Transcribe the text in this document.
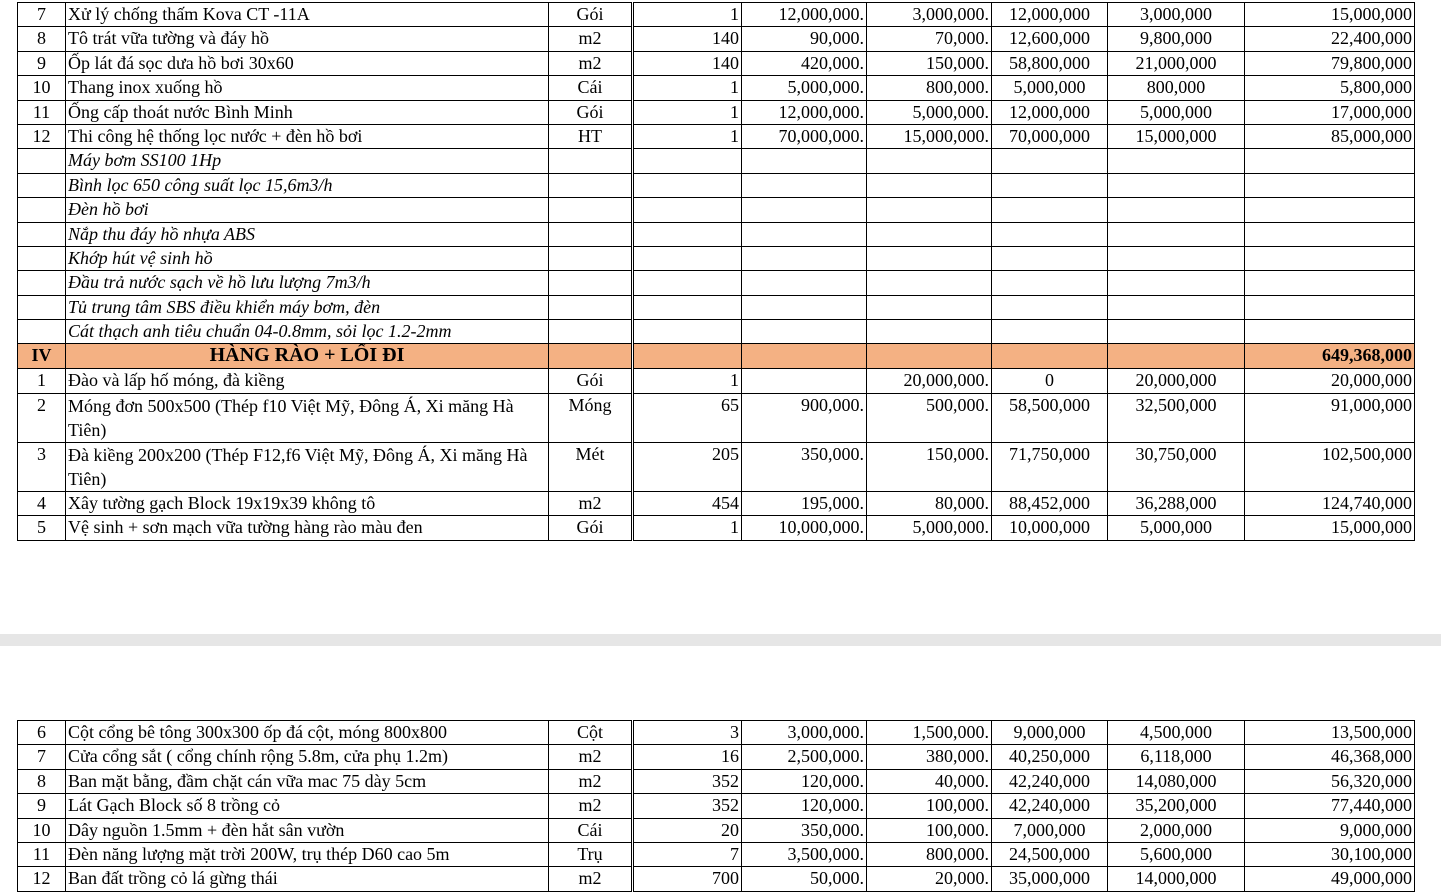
7	Xử lý chống thấm Kova CT -11A	Gói	1	12,000,000.	3,000,000.	12,000,000	3,000,000	15,000,000
8	Tô trát vữa tường và đáy hồ	m2	140	90,000.	70,000.	12,600,000	9,800,000	22,400,000
9	Ốp lát đá sọc dưa hồ bơi 30x60	m2	140	420,000.	150,000.	58,800,000	21,000,000	79,800,000
10	Thang inox xuống hồ	Cái	1	5,000,000.	800,000.	5,000,000	800,000	5,800,000
11	Ống cấp thoát nước Bình Minh	Gói	1	12,000,000.	5,000,000.	12,000,000	5,000,000	17,000,000
12	Thi công hệ thống lọc nước + đèn hồ bơi	HT	1	70,000,000.	15,000,000.	70,000,000	15,000,000	85,000,000
	Máy bơm SS100 1Hp							
	Bình lọc 650 công suất lọc 15,6m3/h							
	Đèn hồ bơi							
	Nắp thu đáy hồ nhựa ABS							
	Khớp hút vệ sinh hồ							
	Đầu trả nước sạch về hồ lưu lượng 7m3/h							
	Tủ trung tâm SBS điều khiển máy bơm, đèn							
	Cát thạch anh tiêu chuẩn 04-0.8mm, sỏi lọc 1.2-2mm							
IV	HÀNG RÀO + LỐI ĐI							649,368,000
1	Đào và lấp hố móng, đà kiềng	Gói	1		20,000,000.	0	20,000,000	20,000,000
2	Móng đơn 500x500 (Thép f10 Việt Mỹ, Đông Á, Xi măng Hà Tiên)	Móng	65	900,000.	500,000.	58,500,000	32,500,000	91,000,000
3	Đà kiềng 200x200 (Thép F12,f6 Việt Mỹ, Đông Á, Xi măng Hà Tiên)	Mét	205	350,000.	150,000.	71,750,000	30,750,000	102,500,000
4	Xây tường gạch Block 19x19x39 không tô	m2	454	195,000.	80,000.	88,452,000	36,288,000	124,740,000
5	Vệ sinh + sơn mạch vữa tường hàng rào màu đen	Gói	1	10,000,000.	5,000,000.	10,000,000	5,000,000	15,000,000
6	Cột cổng bê tông 300x300 ốp đá cột, móng 800x800	Cột	3	3,000,000.	1,500,000.	9,000,000	4,500,000	13,500,000
7	Cửa cổng sắt ( cổng chính rộng 5.8m, cửa phụ 1.2m)	m2	16	2,500,000.	380,000.	40,250,000	6,118,000	46,368,000
8	Ban mặt bằng, đầm chặt cán vữa mac 75 dày 5cm	m2	352	120,000.	40,000.	42,240,000	14,080,000	56,320,000
9	Lát Gạch Block số 8 trồng cỏ	m2	352	120,000.	100,000.	42,240,000	35,200,000	77,440,000
10	Dây nguồn 1.5mm + đèn hắt sân vườn	Cái	20	350,000.	100,000.	7,000,000	2,000,000	9,000,000
11	Đèn năng lượng mặt trời 200W, trụ thép D60 cao 5m	Trụ	7	3,500,000.	800,000.	24,500,000	5,600,000	30,100,000
12	Ban đất trồng cỏ lá gừng thái	m2	700	50,000.	20,000.	35,000,000	14,000,000	49,000,000
